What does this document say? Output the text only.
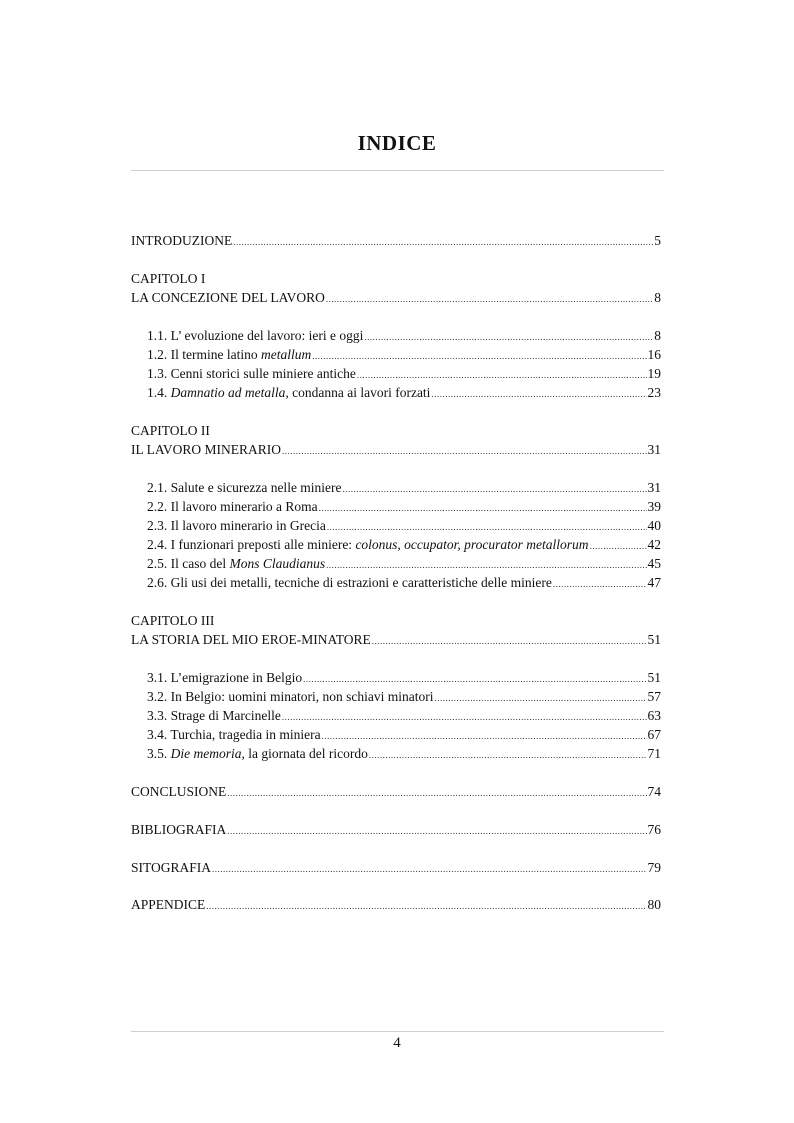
INDICE
INTRODUZIONE .....	5
CAPITOLO I
LA CONCEZIONE DEL LAVORO .....	8
1.1. L’ evoluzione del lavoro: ieri e oggi .....	8
1.2. Il termine latino metallum .....	16
1.3. Cenni storici sulle miniere antiche .....	19
1.4. Damnatio ad metalla, condanna ai lavori forzati .....	23
CAPITOLO II
IL LAVORO MINERARIO .....	31
2.1. Salute e sicurezza nelle miniere .....	31
2.2. Il lavoro minerario a Roma .....	39
2.3. Il lavoro minerario in Grecia .....	40
2.4. I funzionari preposti alle miniere: colonus, occupator, procurator metallorum .....	42
2.5. Il caso del Mons Claudianus .....	45
2.6. Gli usi dei metalli, tecniche di estrazioni e caratteristiche delle miniere .....	47
CAPITOLO III
LA STORIA DEL MIO EROE-MINATORE .....	51
3.1. L’emigrazione in Belgio .....	51
3.2. In Belgio: uomini minatori, non schiavi minatori .....	57
3.3. Strage di Marcinelle .....	63
3.4. Turchia, tragedia in miniera .....	67
3.5. Die memoria, la giornata del ricordo .....	71
CONCLUSIONE .....	74
BIBLIOGRAFIA .....	76
SITOGRAFIA .....	79
APPENDICE .....	80
4
